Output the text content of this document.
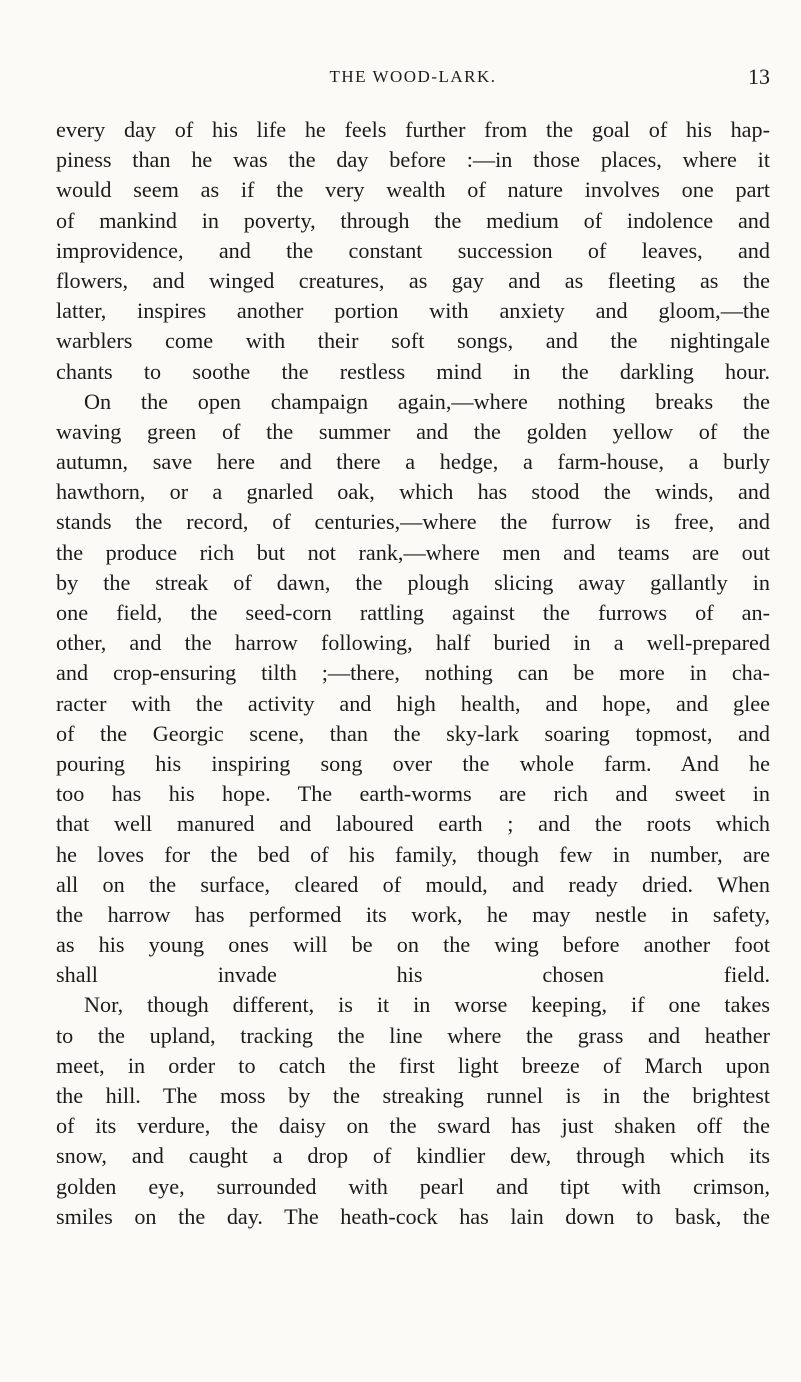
THE WOOD-LARK.	13
every day of his life he feels further from the goal of his hap-
piness than he was the day before :—in those places, where it
would seem as if the very wealth of nature involves one part
of mankind in poverty, through the medium of indolence and
improvidence, and the constant succession of leaves, and
flowers, and winged creatures, as gay and as fleeting as the
latter, inspires another portion with anxiety and gloom,—the
warblers come with their soft songs, and the nightingale
chants to soothe the restless mind in the darkling hour.
On the open champaign again,—where nothing breaks the
waving green of the summer and the golden yellow of the
autumn, save here and there a hedge, a farm-house, a burly
hawthorn, or a gnarled oak, which has stood the winds, and
stands the record, of centuries,—where the furrow is free, and
the produce rich but not rank,—where men and teams are out
by the streak of dawn, the plough slicing away gallantly in
one field, the seed-corn rattling against the furrows of an-
other, and the harrow following, half buried in a well-prepared
and crop-ensuring tilth ;—there, nothing can be more in cha-
racter with the activity and high health, and hope, and glee
of the Georgic scene, than the sky-lark soaring topmost, and
pouring his inspiring song over the whole farm. And he
too has his hope. The earth-worms are rich and sweet in
that well manured and laboured earth ; and the roots which
he loves for the bed of his family, though few in number, are
all on the surface, cleared of mould, and ready dried. When
the harrow has performed its work, he may nestle in safety,
as his young ones will be on the wing before another foot
shall invade his chosen field.
Nor, though different, is it in worse keeping, if one takes
to the upland, tracking the line where the grass and heather
meet, in order to catch the first light breeze of March upon
the hill. The moss by the streaking runnel is in the brightest
of its verdure, the daisy on the sward has just shaken off the
snow, and caught a drop of kindlier dew, through which its
golden eye, surrounded with pearl and tipt with crimson,
smiles on the day. The heath-cock has lain down to bask, the
